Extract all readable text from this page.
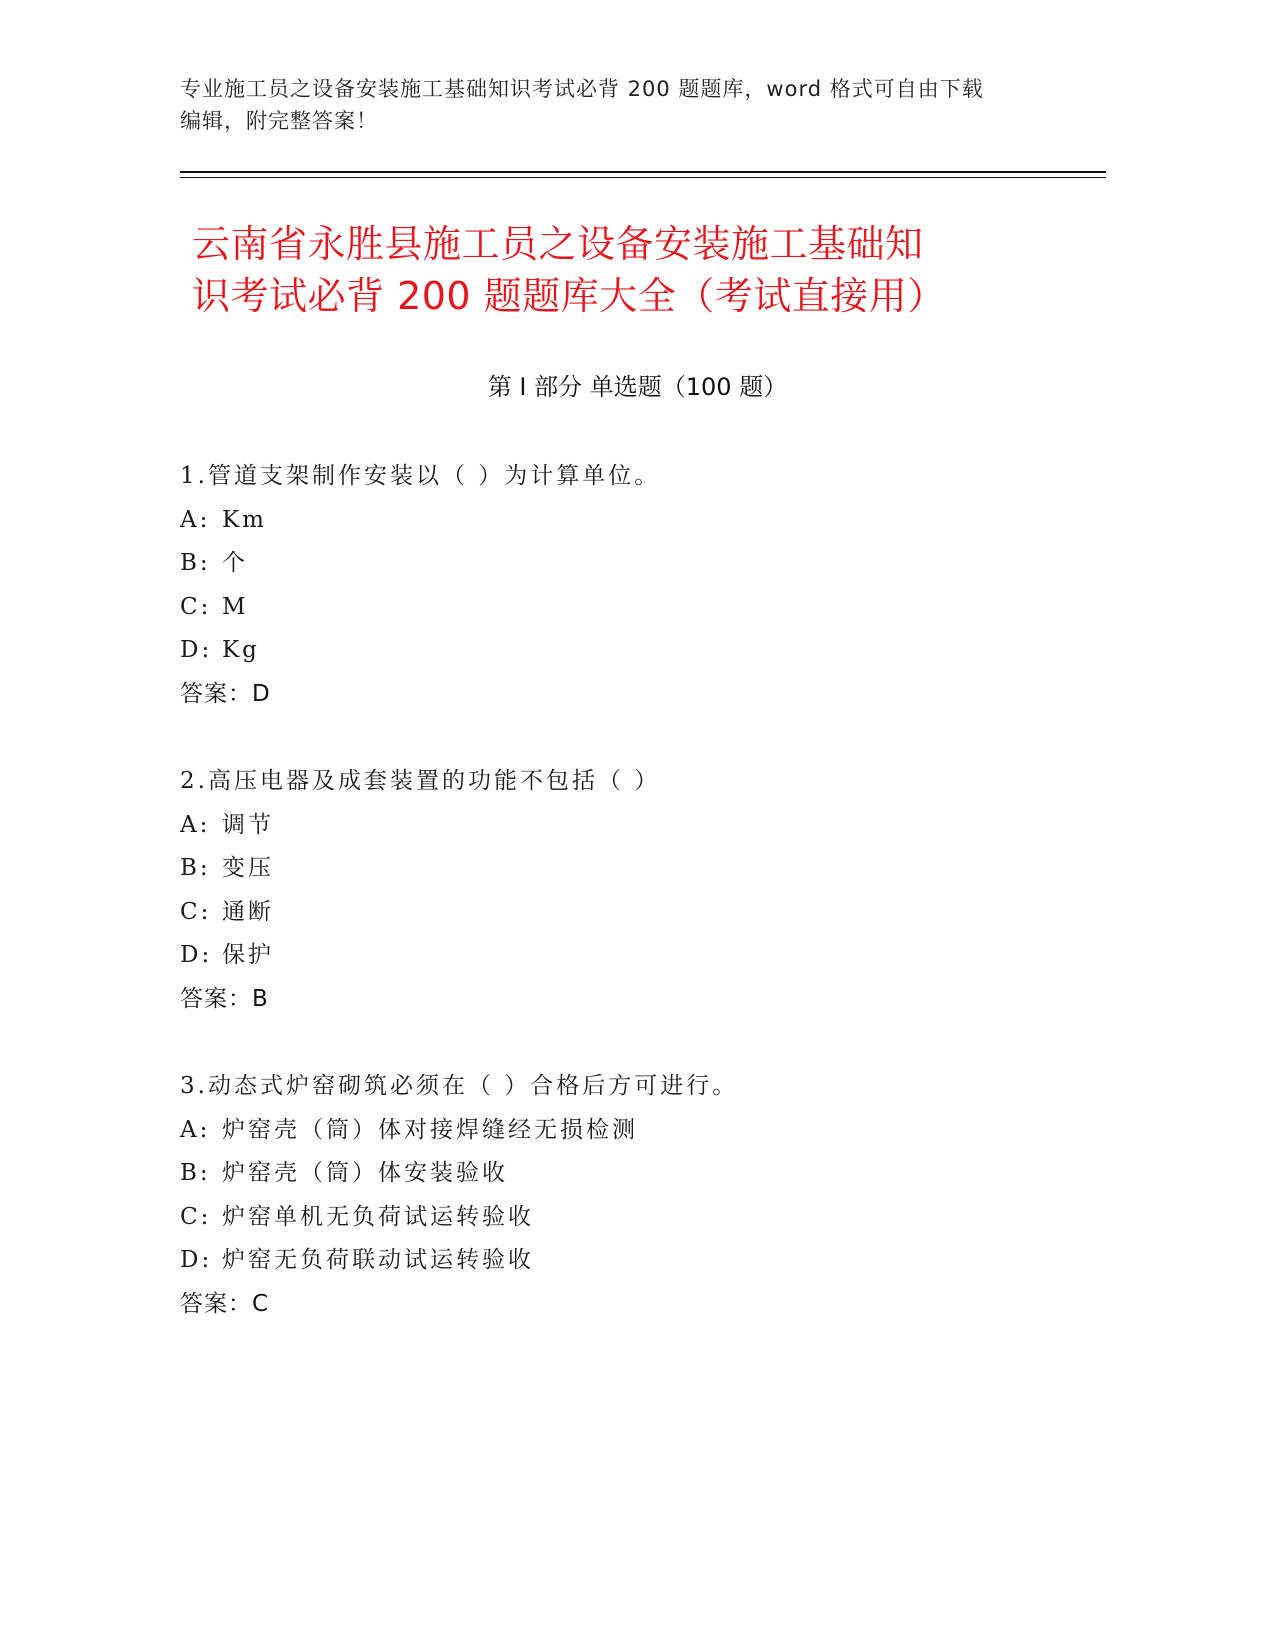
专业施工员之设备安装施工基础知识考试必背 200 题题库，word 格式可自由下载
编辑，附完整答案！
云南省永胜县施工员之设备安装施工基础知
识考试必背 200 题题库大全（考试直接用）
第 I 部分 单选题（100 题）
1.管道支架制作安装以（ ）为计算单位。
A: Km
B: 个
C: M
D: Kg
答案：D
2.高压电器及成套装置的功能不包括（ ）
A: 调节
B: 变压
C: 通断
D: 保护
答案：B
3.动态式炉窑砌筑必须在（ ）合格后方可进行。
A: 炉窑壳（筒）体对接焊缝经无损检测
B: 炉窑壳（筒）体安装验收
C: 炉窑单机无负荷试运转验收
D: 炉窑无负荷联动试运转验收
答案：C
